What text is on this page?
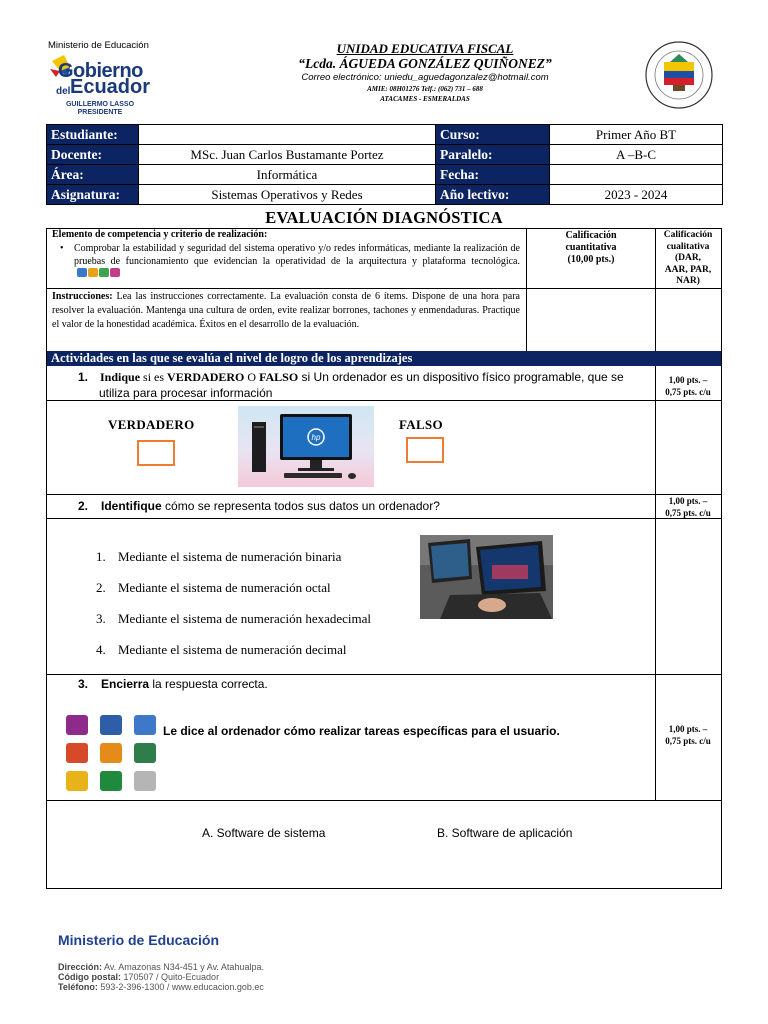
Ministerio de Educación
Gobierno
del Ecuador
GUILLERMO LASSO
PRESIDENTE
UNIDAD EDUCATIVA FISCAL
“Lcda. ÁGUEDA GONZÁLEZ QUIÑONEZ”
Correo electrónico: uniedu_aguedagonzalez@hotmail.com
AMIE: 08H01276 Telf.: (062) 731 – 688
ATACAMES - ESMERALDAS
Estudiante:		Curso:	Primer Año BT
Docente:	MSc. Juan Carlos Bustamante Portez	Paralelo:	A –B-C
Área:	Informática	Fecha:	
Asignatura:	Sistemas Operativos y Redes	Año lectivo:	2023 - 2024
EVALUACIÓN DIAGNÓSTICA
Elemento de competencia y criterio de realización:
•	Comprobar la estabilidad y seguridad del sistema operativo y/o redes informáticas, mediante la realización de pruebas de funcionamiento que evidencian la operatividad de la arquitectura y plataforma tecnológica.
Calificación
cuantitativa
(10,00 pts.)
Calificación
cualitativa
(DAR,
AAR, PAR,
NAR)
Instrucciones: Lea las instrucciones correctamente. La evaluación consta de 6 ítems. Dispone de una hora para resolver la evaluación. Mantenga una cultura de orden, evite realizar borrones, tachones y enmendaduras. Practique el valor de la honestidad académica. Éxitos en el desarrollo de la evaluación.
Actividades en las que se evalúa el nivel de logro de los aprendizajes
1. Indique si es VERDADERO O FALSO si Un ordenador es un dispositivo físico programable, que se
utiliza para procesar información
1,00 pts. –
0,75 pts. c/u
VERDADERO	FALSO
hp
2. Identifique cómo se representa todos sus datos un ordenador?	1,00 pts. –
0,75 pts. c/u
1. Mediante el sistema de numeración binaria
2. Mediante el sistema de numeración octal
3. Mediante el sistema de numeración hexadecimal
4. Mediante el sistema de numeración decimal
3. Encierra la respuesta correcta.
Le dice al ordenador cómo realizar tareas específicas para el usuario.	1,00 pts. –
0,75 pts. c/u
A. Software de sistema	B. Software de aplicación
Ministerio de Educación
Dirección: Av. Amazonas N34-451 y Av. Atahualpa.
Código postal: 170507 / Quito-Ecuador
Teléfono: 593-2-396-1300 / www.educacion.gob.ec
